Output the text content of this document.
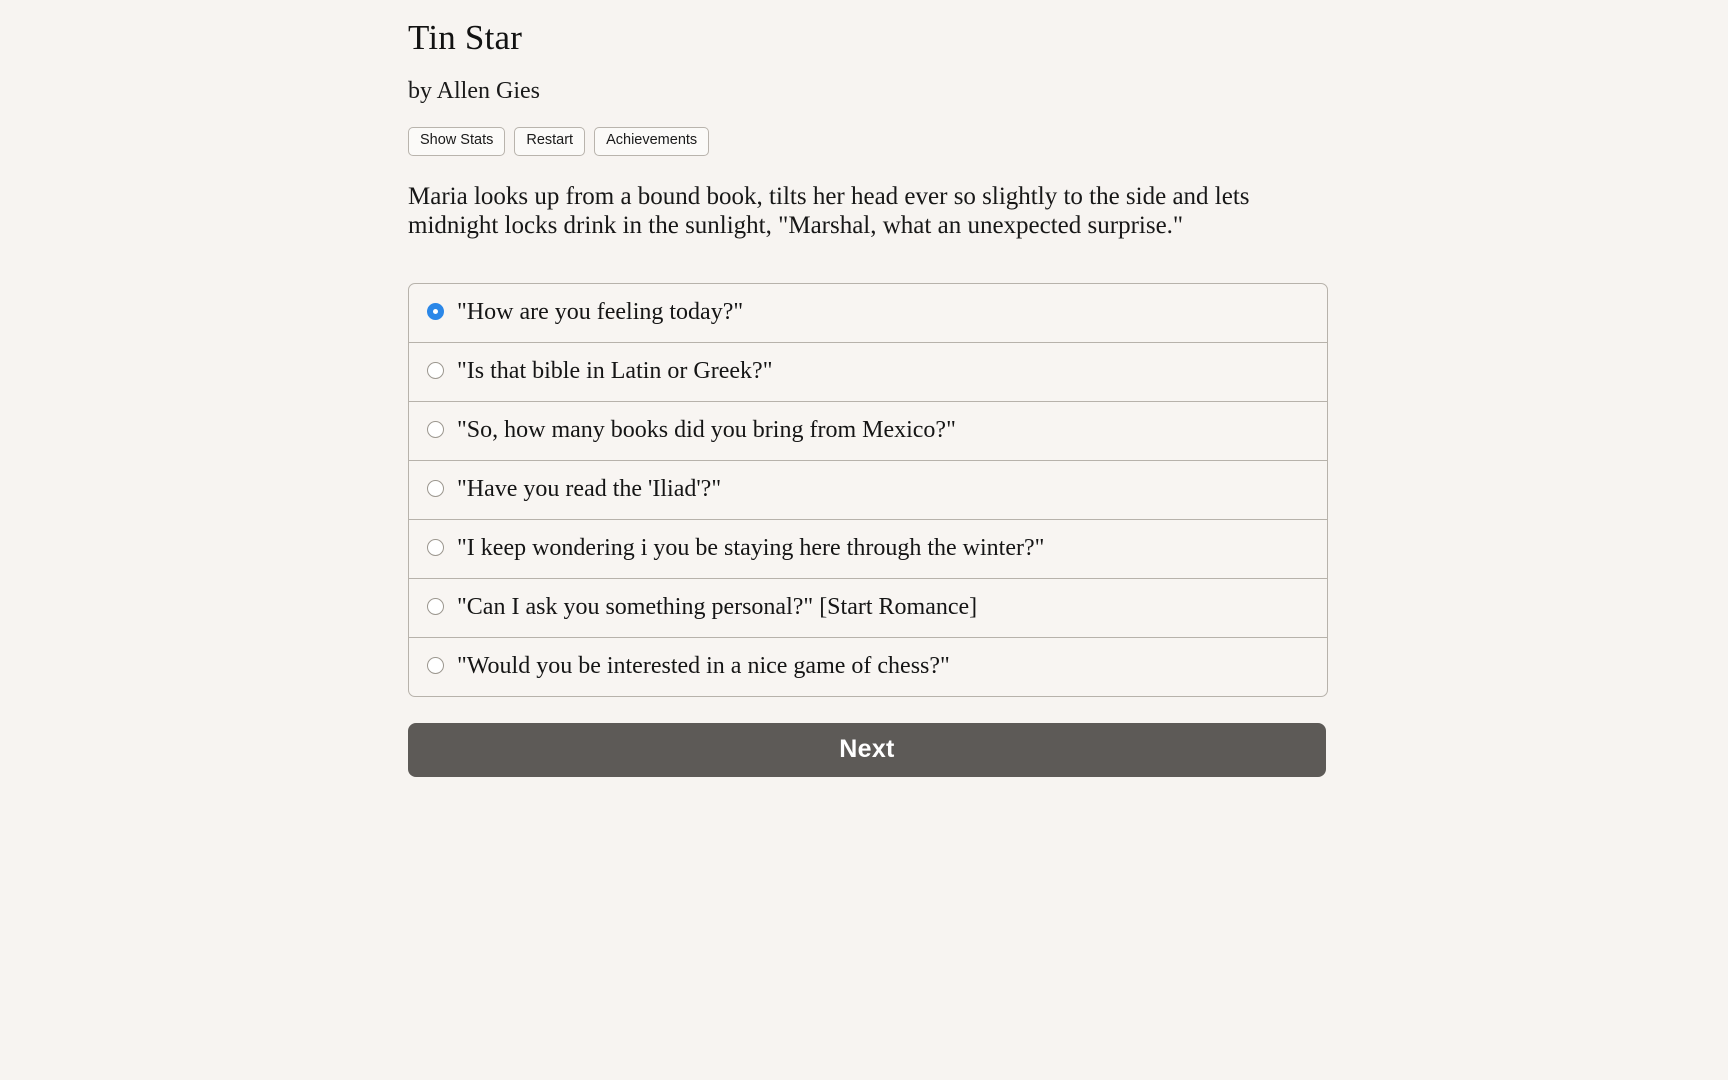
Tin Star

by Allen Gies

Show Stats	Restart	Achievements
Maria looks up from a bound book, tilts her head ever so slightly to the side and lets midnight locks drink in the sunlight, "Marshal, what an unexpected surprise."
"How are you feeling today?"
"Is that bible in Latin or Greek?"
"So, how many books did you bring from Mexico?"
"Have you read the 'Iliad'?"
"I keep wondering i you be staying here through the winter?"
"Can I ask you something personal?" [Start Romance]
"Would you be interested in a nice game of chess?"
Next
